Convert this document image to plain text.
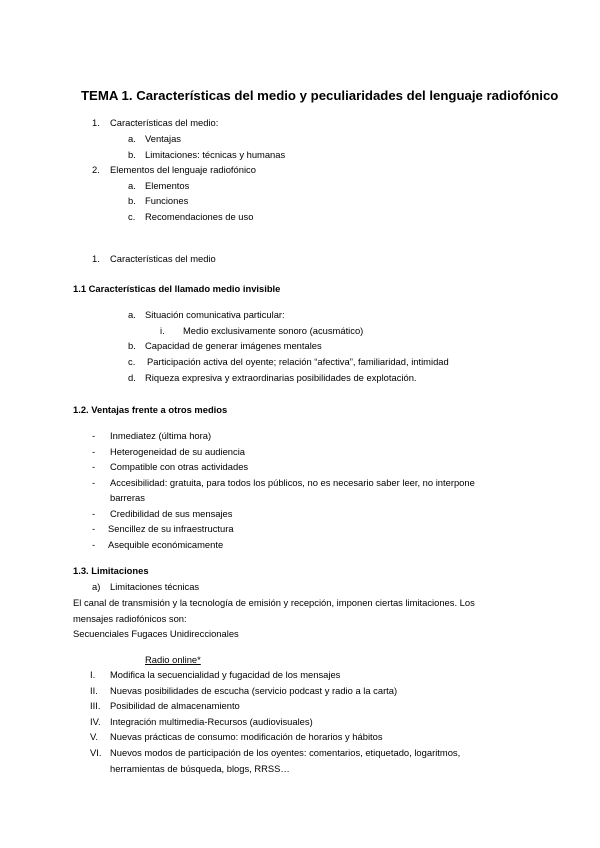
TEMA 1. Características del medio y peculiaridades del lenguaje radiofónico
1. Características del medio:
a. Ventajas
b. Limitaciones: técnicas y humanas
2. Elementos del lenguaje radiofónico
a. Elementos
b. Funciones
c. Recomendaciones de uso
1. Características del medio
1.1 Características del llamado medio invisible
a. Situación comunicativa particular:
i. Medio exclusivamente sonoro (acusmático)
b. Capacidad de generar imágenes mentales
c. Participación activa del oyente; relación “afectiva”, familiaridad, intimidad
d. Riqueza expresiva y extraordinarias posibilidades de explotación.
1.2. Ventajas frente a otros medios
- Inmediatez (última hora)
- Heterogeneidad de su audiencia
- Compatible con otras actividades
- Accesibilidad: gratuita, para todos los públicos, no es necesario saber leer, no interpone
barreras
- Credibilidad de sus mensajes
- Sencillez de su infraestructura
- Asequible económicamente
1.3. Limitaciones
a) Limitaciones técnicas
El canal de transmisión y la tecnología de emisión y recepción, imponen ciertas limitaciones. Los
mensajes radiofónicos son:
Secuenciales Fugaces Unidireccionales
Radio online*
I. Modifica la secuencialidad y fugacidad de los mensajes
II. Nuevas posibilidades de escucha (servicio podcast y radio a la carta)
III. Posibilidad de almacenamiento
IV. Integración multimedia-Recursos (audiovisuales)
V. Nuevas prácticas de consumo: modificación de horarios y hábitos
VI. Nuevos modos de participación de los oyentes: comentarios, etiquetado, logaritmos,
herramientas de búsqueda, blogs, RRSS…
